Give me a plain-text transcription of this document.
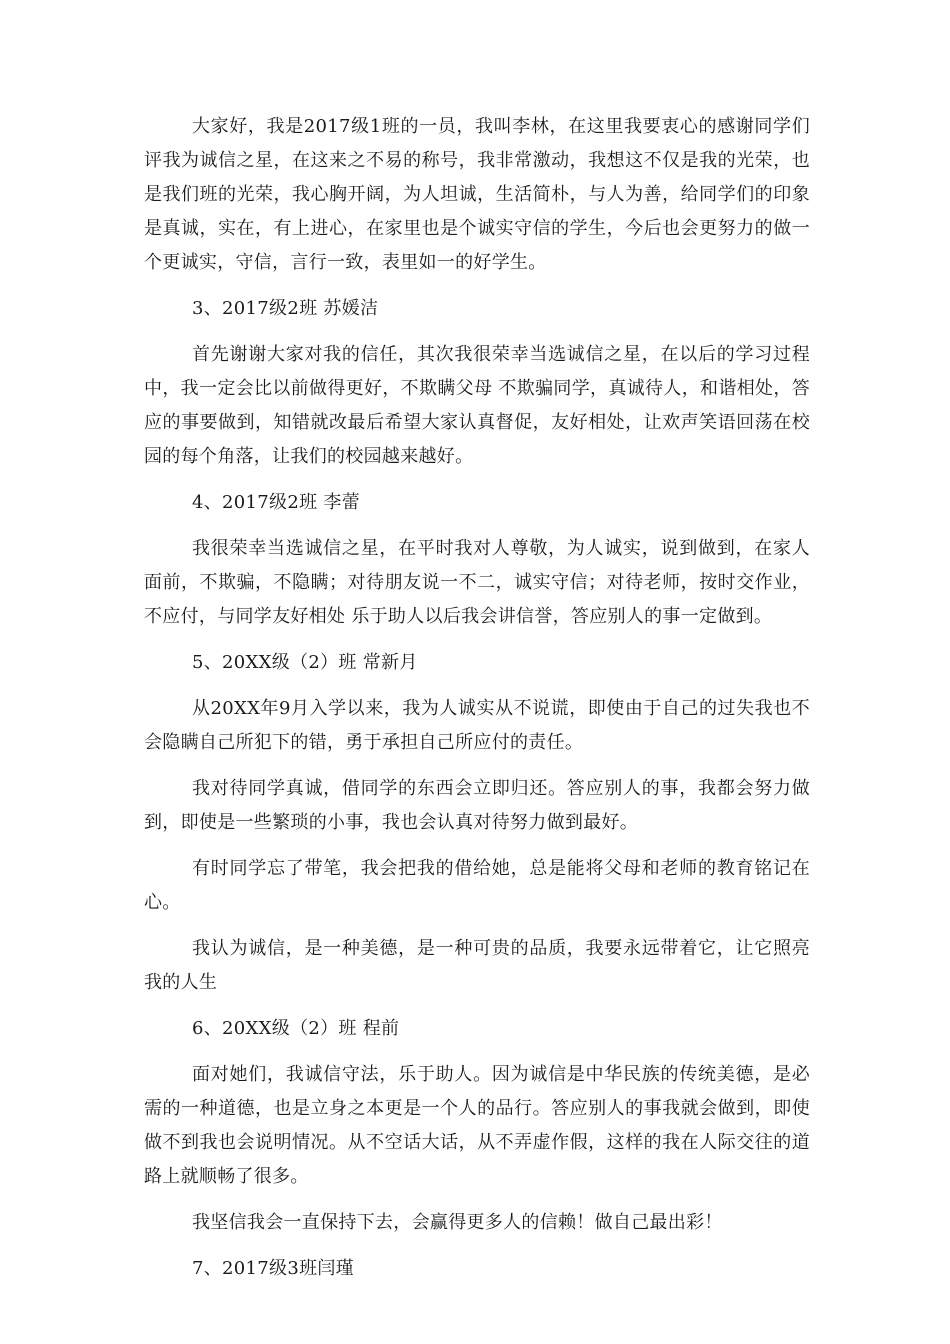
大家好，我是2017级1班的一员，我叫李林，在这里我要衷心的感谢同学们评我为诚信之星，在这来之不易的称号，我非常激动，我想这不仅是我的光荣，也是我们班的光荣，我心胸开阔，为人坦诚，生活简朴，与人为善，给同学们的印象是真诚，实在，有上进心，在家里也是个诚实守信的学生，今后也会更努力的做一个更诚实，守信，言行一致，表里如一的好学生。

3、2017级2班 苏媛洁

首先谢谢大家对我的信任，其次我很荣幸当选诚信之星，在以后的学习过程中，我一定会比以前做得更好，不欺瞒父母 不欺骗同学，真诚待人，和谐相处，答应的事要做到，知错就改最后希望大家认真督促，友好相处，让欢声笑语回荡在校园的每个角落，让我们的校园越来越好。

4、2017级2班 李蕾

我很荣幸当选诚信之星，在平时我对人尊敬，为人诚实，说到做到，在家人面前，不欺骗，不隐瞒；对待朋友说一不二，诚实守信；对待老师，按时交作业，不应付，与同学友好相处 乐于助人以后我会讲信誉，答应别人的事一定做到。

5、20XX级（2）班 常新月

从20XX年9月入学以来，我为人诚实从不说谎，即使由于自己的过失我也不会隐瞒自己所犯下的错，勇于承担自己所应付的责任。

我对待同学真诚，借同学的东西会立即归还。答应别人的事，我都会努力做到，即使是一些繁琐的小事，我也会认真对待努力做到最好。

有时同学忘了带笔，我会把我的借给她，总是能将父母和老师的教育铭记在心。

我认为诚信，是一种美德，是一种可贵的品质，我要永远带着它，让它照亮我的人生

6、20XX级（2）班 程前

面对她们，我诚信守法，乐于助人。因为诚信是中华民族的传统美德，是必需的一种道德，也是立身之本更是一个人的品行。答应别人的事我就会做到，即使做不到我也会说明情况。从不空话大话，从不弄虚作假，这样的我在人际交往的道路上就顺畅了很多。

我坚信我会一直保持下去，会赢得更多人的信赖！做自己最出彩！

7、2017级3班闫瑾
